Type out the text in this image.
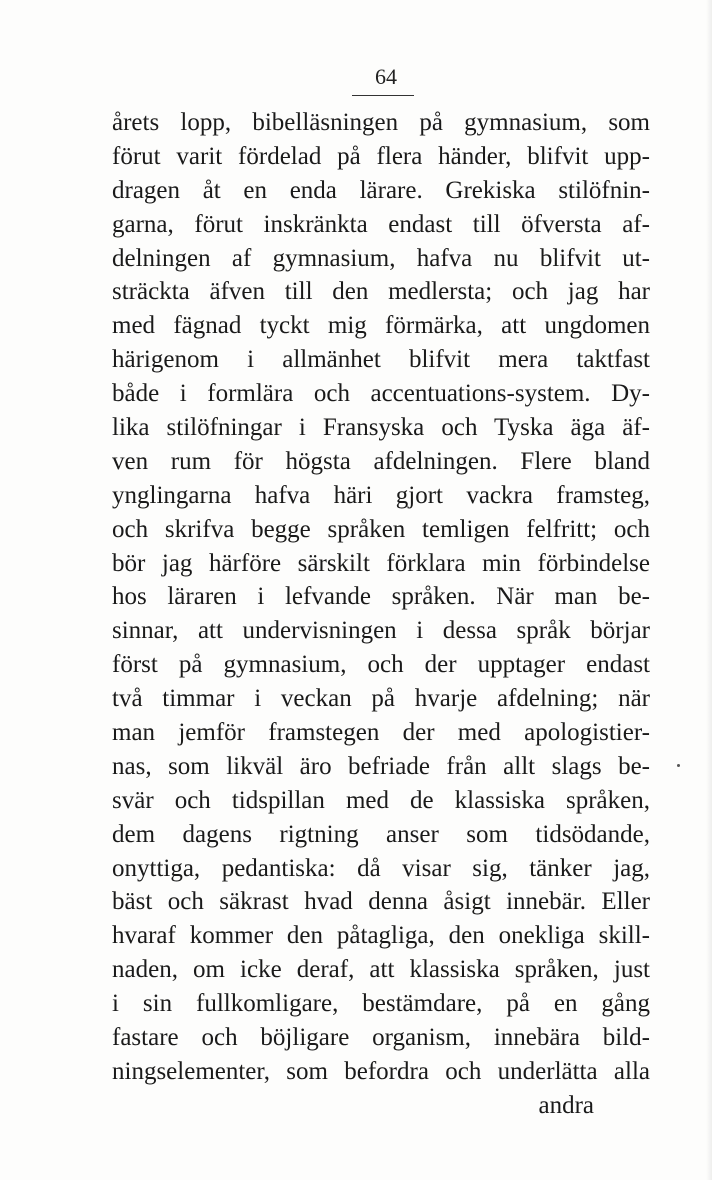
64
årets lopp, bibelläsningen på gymnasium, som
förut varit fördelad på flera händer, blifvit upp-
dragen åt en enda lärare. Grekiska stilöfnin-
garna, förut inskränkta endast till öfversta af-
delningen af gymnasium, hafva nu blifvit ut-
sträckta äfven till den medlersta; och jag har
med fägnad tyckt mig förmärka, att ungdomen
härigenom i allmänhet blifvit mera taktfast
både i formlära och accentuations-system. Dy-
lika stilöfningar i Fransyska och Tyska äga äf-
ven rum för högsta afdelningen. Flere bland
ynglingarna hafva häri gjort vackra framsteg,
och skrifva begge språken temligen felfritt; och
bör jag härföre särskilt förklara min förbindelse
hos läraren i lefvande språken. När man be-
sinnar, att undervisningen i dessa språk börjar
först på gymnasium, och der upptager endast
två timmar i veckan på hvarje afdelning; när
man jemför framstegen der med apologistier-
nas, som likväl äro befriade från allt slags be-
svär och tidspillan med de klassiska språken,
dem dagens rigtning anser som tidsödande,
onyttiga, pedantiska: då visar sig, tänker jag,
bäst och säkrast hvad denna åsigt innebär. Eller
hvaraf kommer den påtagliga, den onekliga skill-
naden, om icke deraf, att klassiska språken, just
i sin fullkomligare, bestämdare, på en gång
fastare och böjligare organism, innebära bild-
ningselementer, som befordra och underlätta alla
andra
